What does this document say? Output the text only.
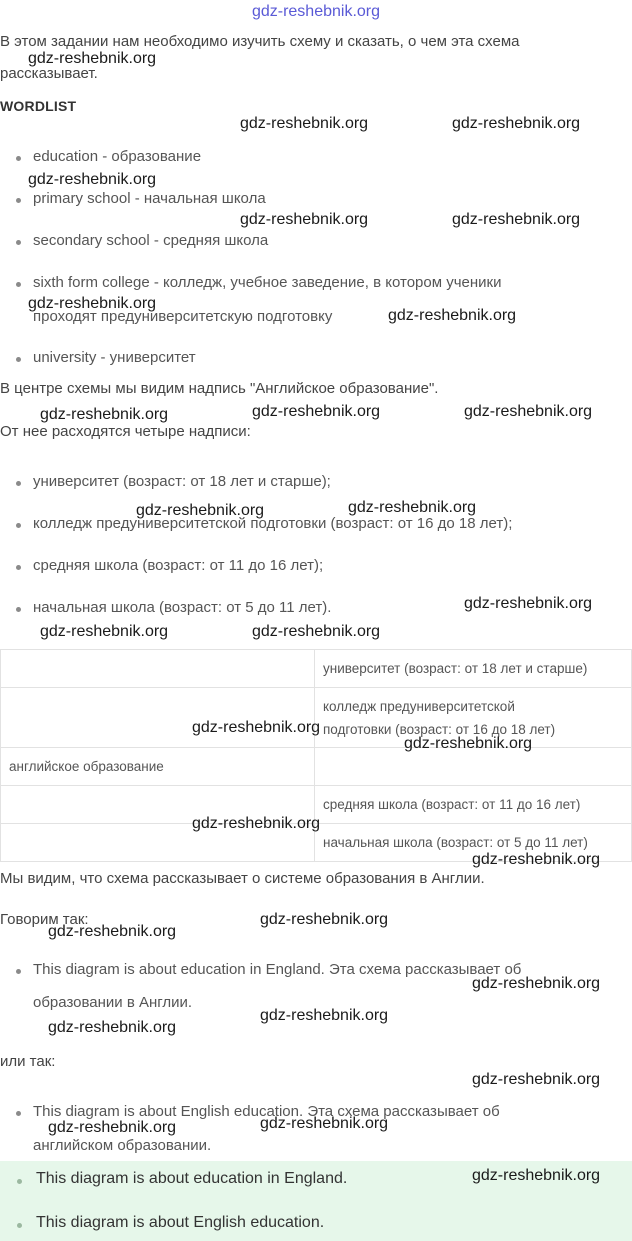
gdz-reshebnik.org
В этом задании нам необходимо изучить схему и сказать, о чем эта схема
рассказывает.
WORDLIST
education - образование
primary school - начальная школа
secondary school - средняя школа
sixth form college - колледж, учебное заведение, в котором ученики
проходят предуниверситетскую подготовку
university - университет
В центре схемы мы видим надпись "Английское образование".
От нее расходятся четыре надписи:
университет (возраст: от 18 лет и старше);
колледж предуниверситетской подготовки (возраст: от 16 до 18 лет);
средняя школа (возраст: от 11 до 16 лет);
начальная школа (возраст: от 5 до 11 лет).
	университет (возраст: от 18 лет и старше)
	колледж предуниверситетской
подготовки (возраст: от 16 до 18 лет)
английское образование	
	средняя школа (возраст: от 11 до 16 лет)
	начальная школа (возраст: от 5 до 11 лет)
Мы видим, что схема рассказывает о системе образования в Англии.
Говорим так:
This diagram is about education in England. Эта схема рассказывает об
образовании в Англии.
или так:
This diagram is about English education. Эта схема рассказывает об
английском образовании.
This diagram is about education in England.
This diagram is about English education.
gdz-reshebnik.org
gdz-reshebnik.org	gdz-reshebnik.org
gdz-reshebnik.org
gdz-reshebnik.org	gdz-reshebnik.org
gdz-reshebnik.org
gdz-reshebnik.org
gdz-reshebnik.org	gdz-reshebnik.org	gdz-reshebnik.org
gdz-reshebnik.org	gdz-reshebnik.org
gdz-reshebnik.org
gdz-reshebnik.org	gdz-reshebnik.org
gdz-reshebnik.org
gdz-reshebnik.org
gdz-reshebnik.org
gdz-reshebnik.org
gdz-reshebnik.org
gdz-reshebnik.org
gdz-reshebnik.org
gdz-reshebnik.org
gdz-reshebnik.org
gdz-reshebnik.org
gdz-reshebnik.org
gdz-reshebnik.org
gdz-reshebnik.org
